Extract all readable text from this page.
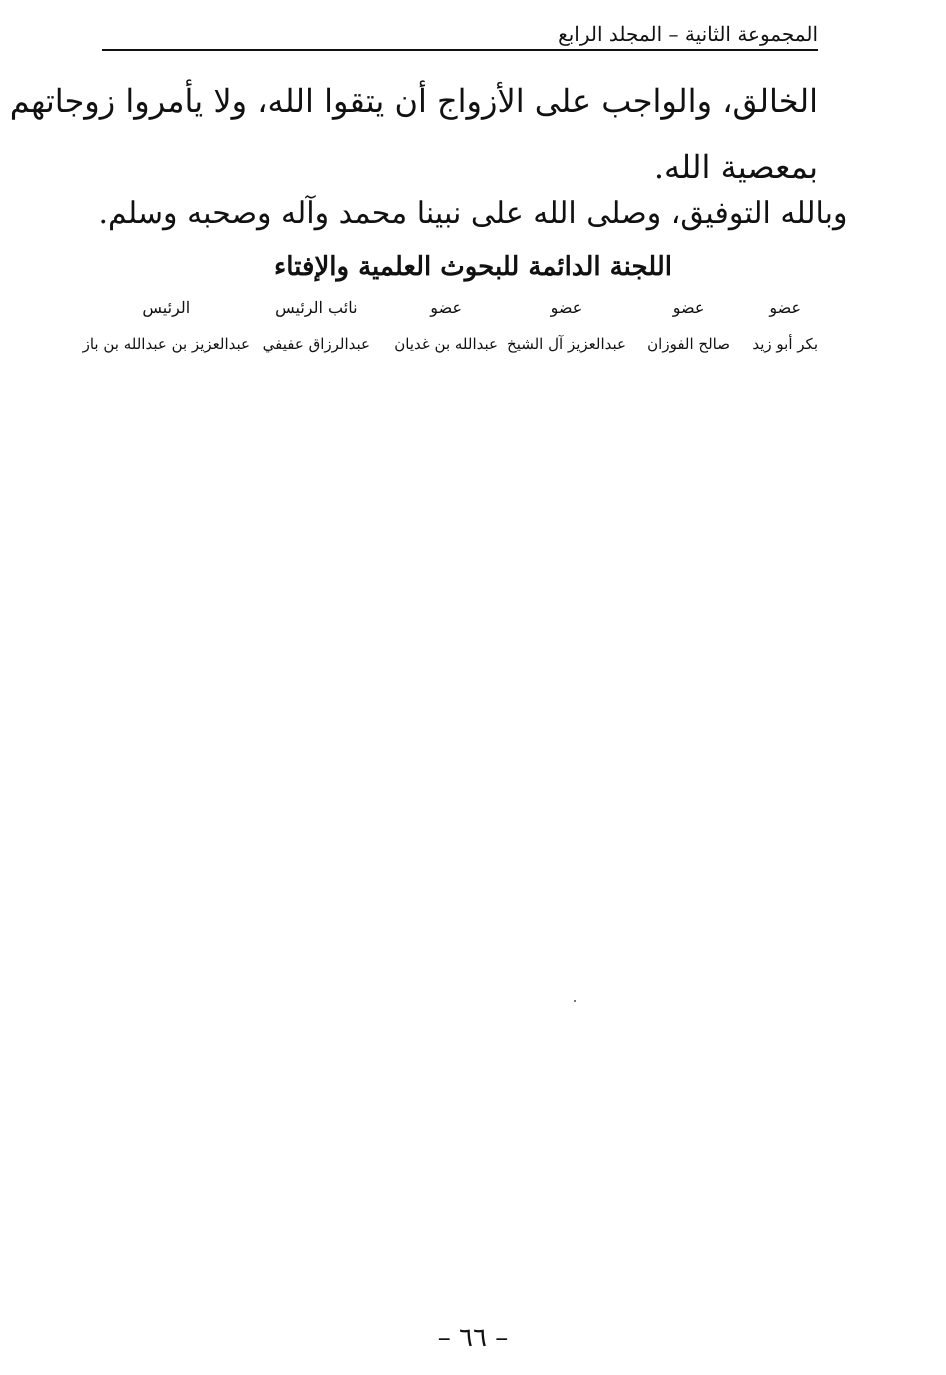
المجموعة الثانية – المجلد الرابع
الخالق، والواجب على الأزواج أن يتقوا الله، ولا يأمروا زوجاتهم
بمعصية الله.
وبالله التوفيق، وصلى الله على نبينا محمد وآله وصحبه وسلم.
اللجنة الدائمة للبحوث العلمية والإفتاء
عضو
بكر أبو زيد
عضو
صالح الفوزان
عضو
عبدالعزيز آل الشيخ
عضو
عبدالله بن غديان
نائب الرئيس
عبدالرزاق عفيفي
الرئيس
عبدالعزيز بن عبدالله بن باز
– ٦٦ –
